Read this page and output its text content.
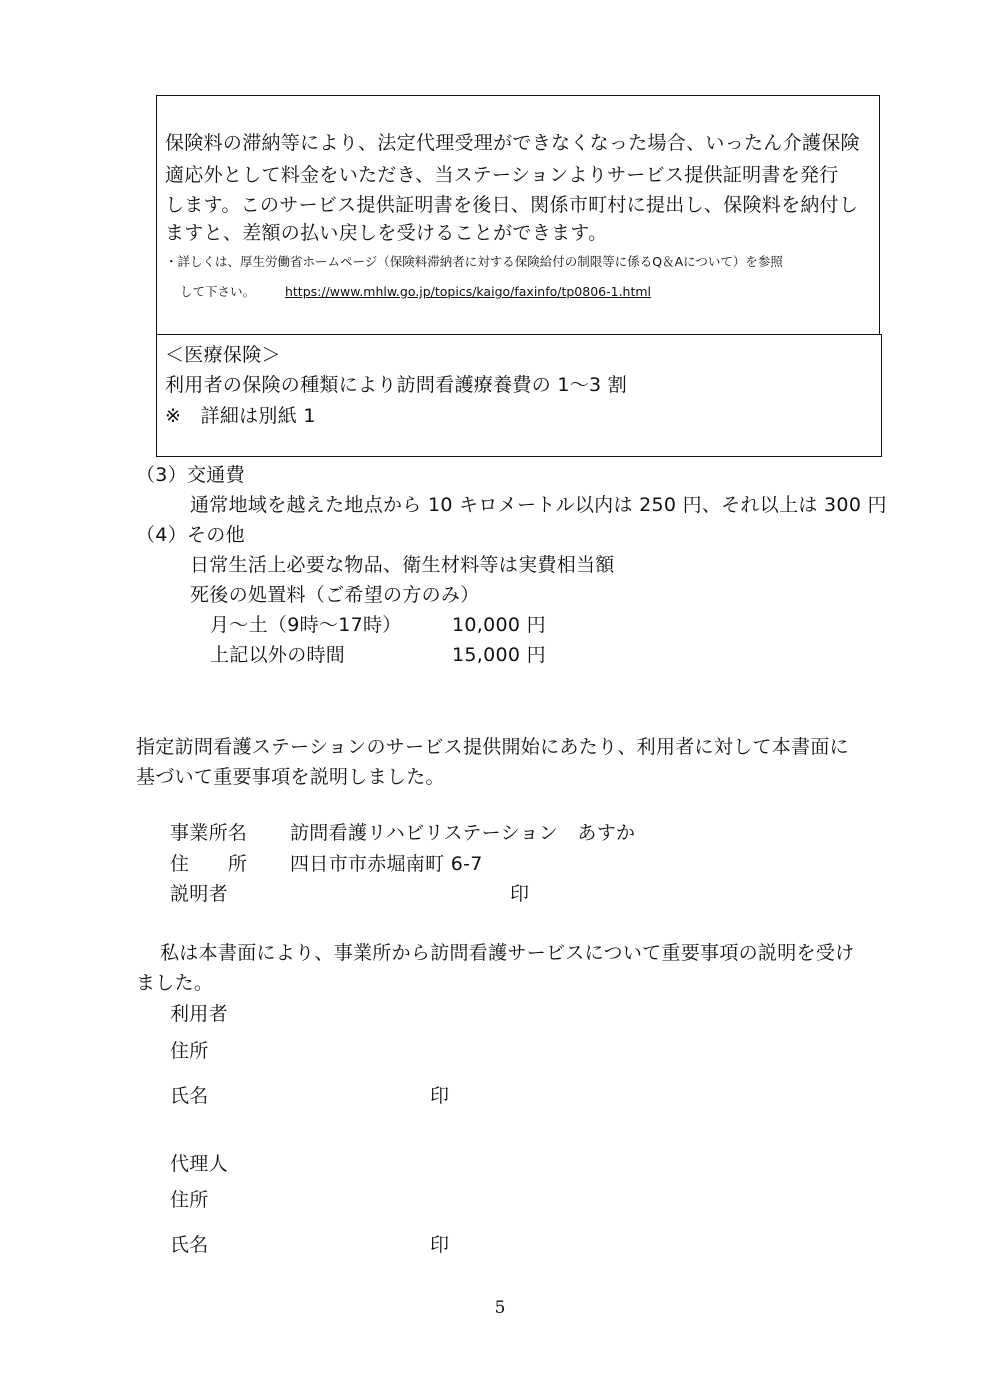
保険料の滞納等により、法定代理受理ができなくなった場合、いったん介護保険
適応外として料金をいただき、当ステーションよりサービス提供証明書を発行
します。このサービス提供証明書を後日、関係市町村に提出し、保険料を納付し
ますと、差額の払い戻しを受けることができます。
・詳しくは、厚生労働省ホームページ（保険料滞納者に対する保険給付の制限等に係るQ＆Aについて）を参照
して下さい。 https://www.mhlw.go.jp/topics/kaigo/faxinfo/tp0806-1.html
＜医療保険＞
利用者の保険の種類により訪問看護療養費の 1～3 割
※　詳細は別紙 1
（3）交通費
通常地域を越えた地点から 10 キロメートル以内は 250 円、それ以上は 300 円
（4）その他
日常生活上必要な物品、衛生材料等は実費相当額
死後の処置料（ご希望の方のみ）
月～土（9時～17時）	10,000 円
上記以外の時間	15,000 円
指定訪問看護ステーションのサービス提供開始にあたり、利用者に対して本書面に
基づいて重要事項を説明しました。
事業所名 訪問看護リハビリステーション　あすか
住　　所 四日市市赤堀南町 6-7
説明者	印
私は本書面により、事業所から訪問看護サービスについて重要事項の説明を受け
ました。
利用者
住所
氏名	印
代理人
住所
氏名	印
5
